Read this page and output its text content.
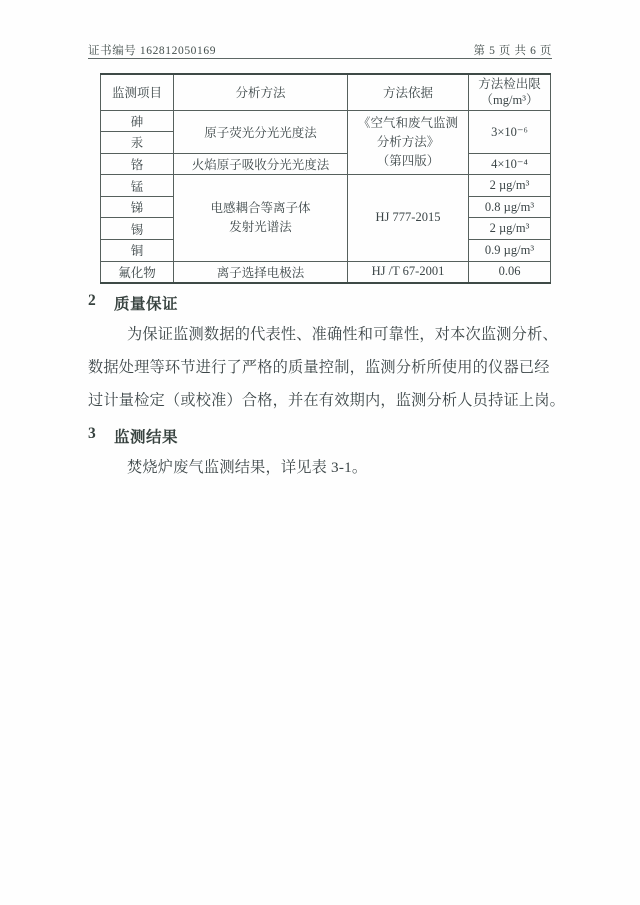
证书编号 162812050169	第 5 页 共 6 页
监测项目	分析方法	方法依据	方法检出限
（mg/m³）

砷	原子荧光分光光度法	《空气和废气监测
分析方法》
（第四版）	3×10⁻⁶
汞			
铬	火焰原子吸收分光光度法		4×10⁻⁴
锰	电感耦合等离子体
发射光谱法	HJ 777-2015	2 µg/m³
锑			0.8 µg/m³
锡			2 µg/m³
铜			0.9 µg/m³
氟化物	离子选择电极法	HJ /T 67-2001	0.06
2	质量保证
为保证监测数据的代表性、准确性和可靠性，对本次监测分析、
数据处理等环节进行了严格的质量控制，监测分析所使用的仪器已经
过计量检定（或校准）合格，并在有效期内，监测分析人员持证上岗。
3	监测结果
焚烧炉废气监测结果，详见表 3-1。
